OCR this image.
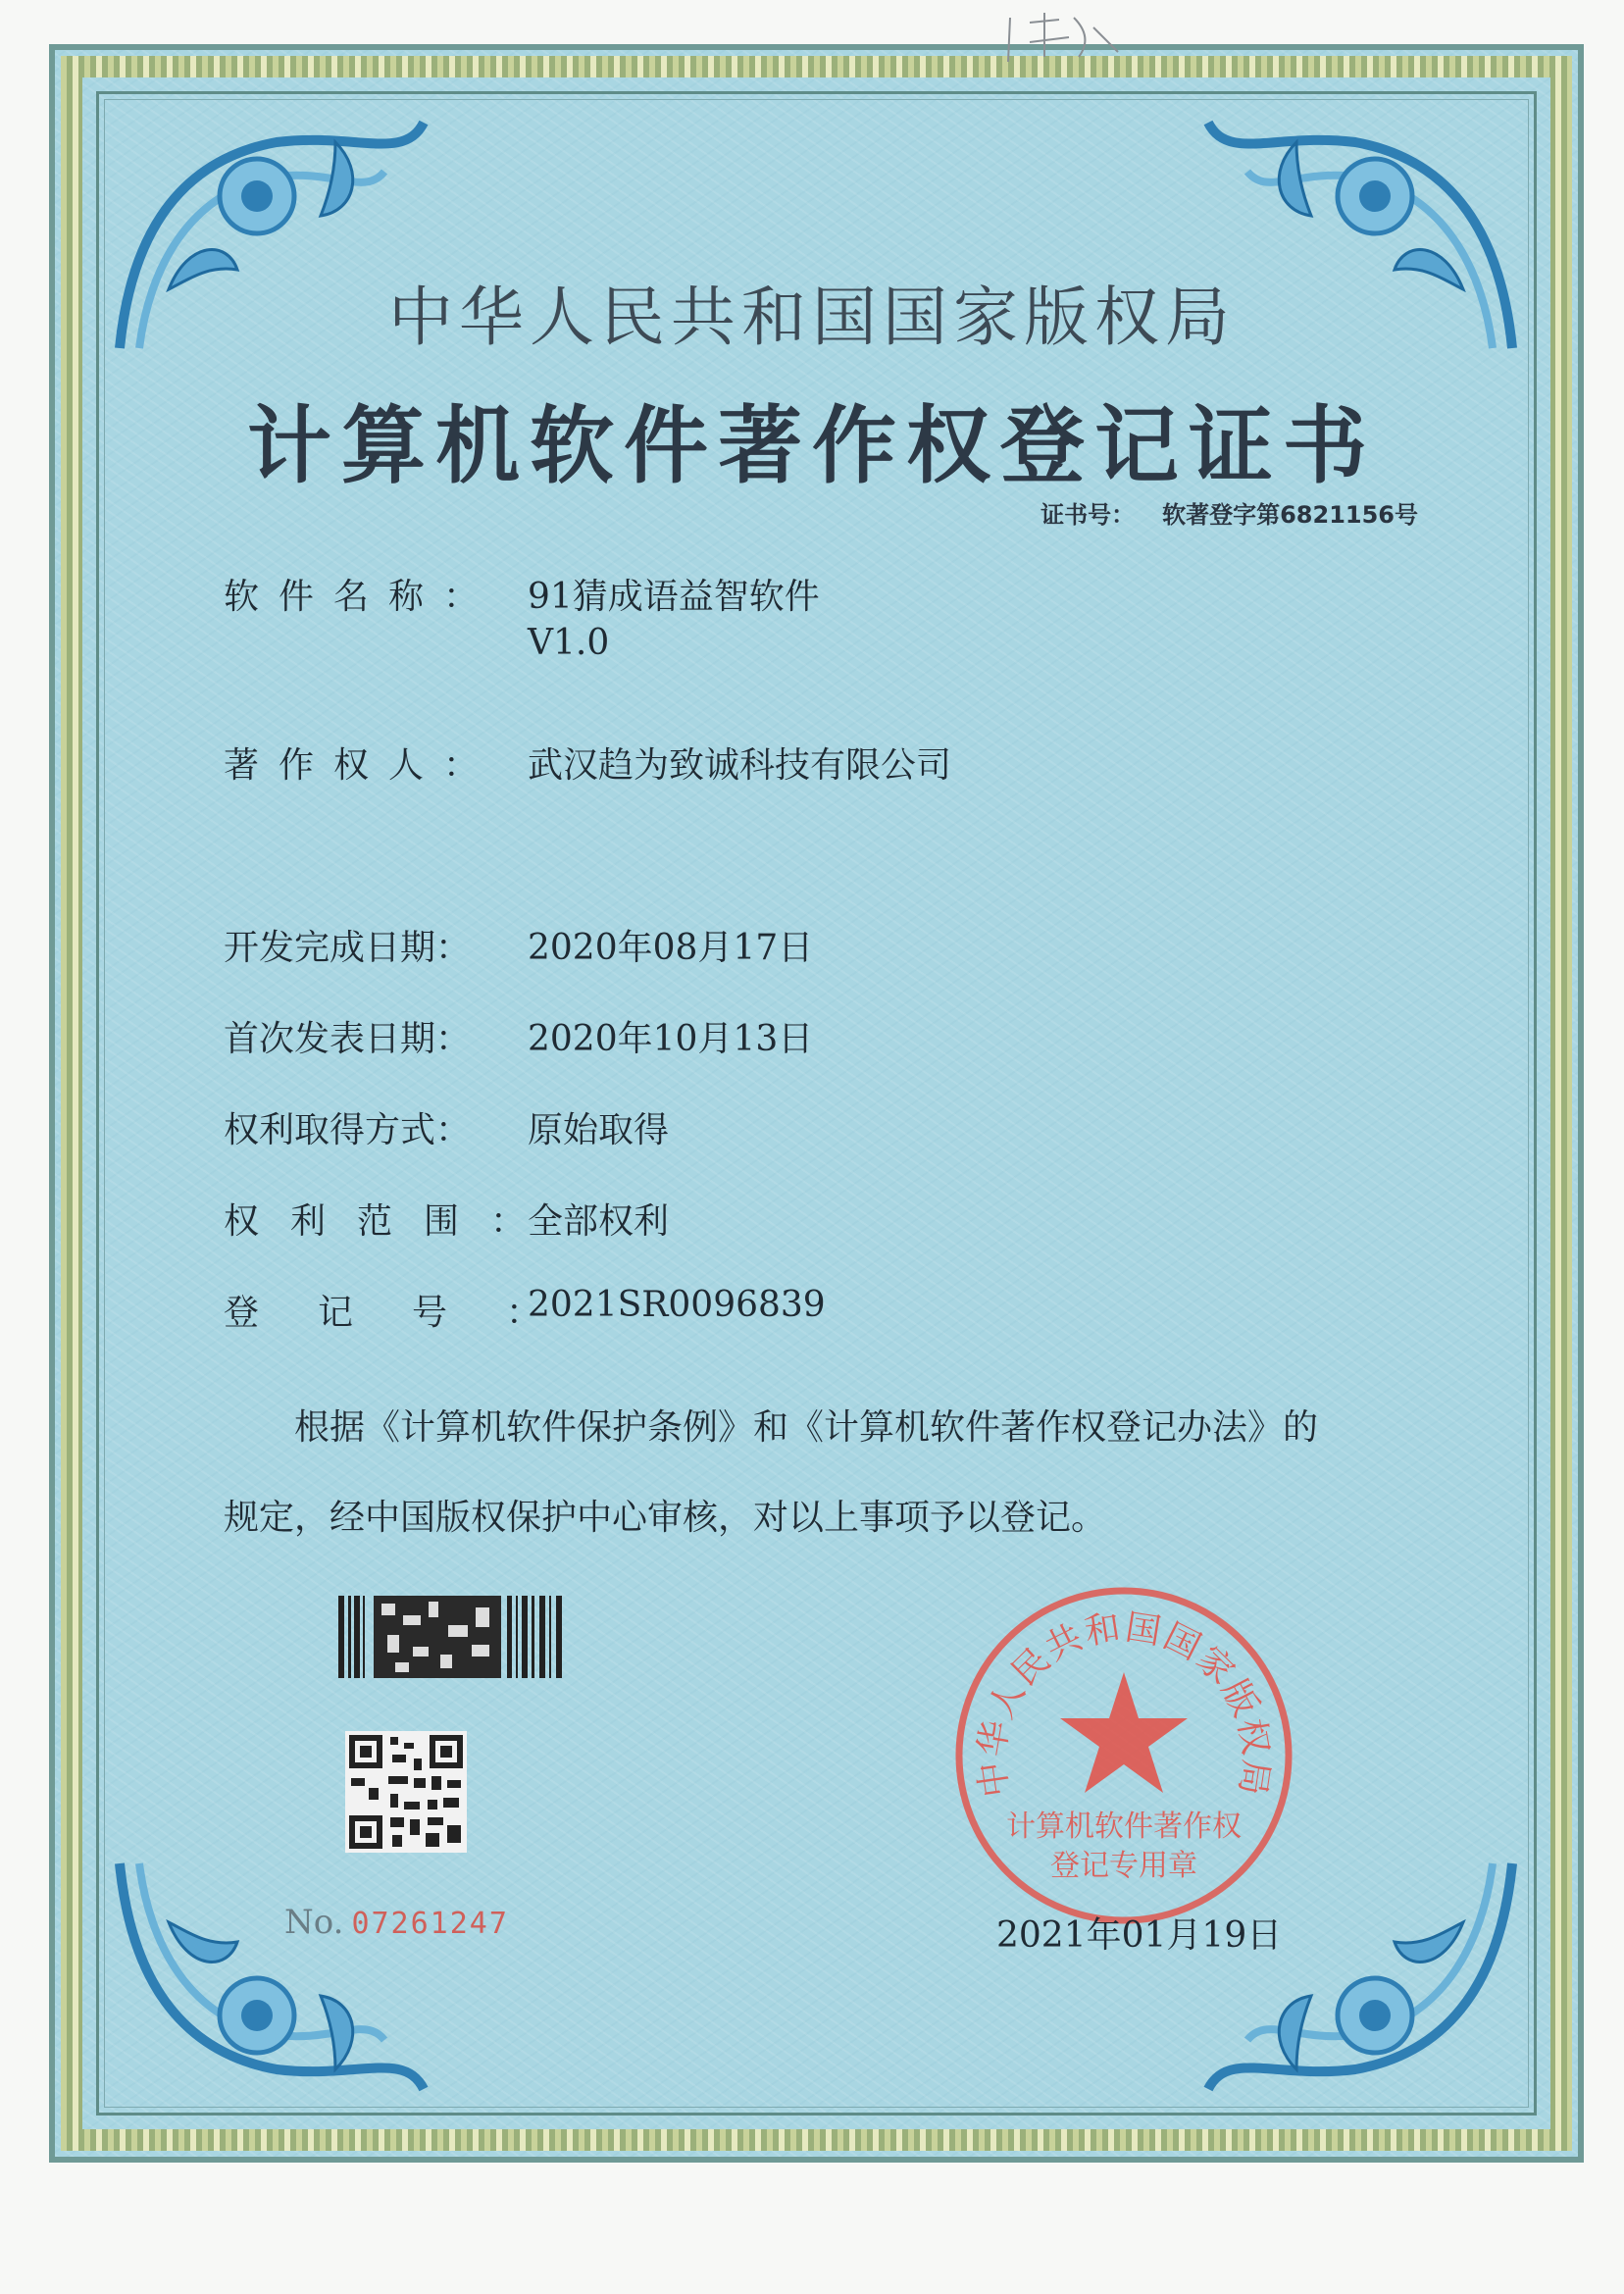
中华人民共和国国家版权局
计算机软件著作权登记证书
证书号： 软著登字第6821156号
软件名称： 91猜成语益智软件
V1.0
著作权人： 武汉趋为致诚科技有限公司
开发完成日期： 2020年08月17日
首次发表日期： 2020年10月13日
权利取得方式： 原始取得
权利范围：全部权利
登记号：2021SR0096839
根据《计算机软件保护条例》和《计算机软件著作权登记办法》的
规定，经中国版权保护中心审核，对以上事项予以登记。
No. 07261247
中华人民共和国国家版权局
计算机软件著作权
登记专用章
2021年01月19日
